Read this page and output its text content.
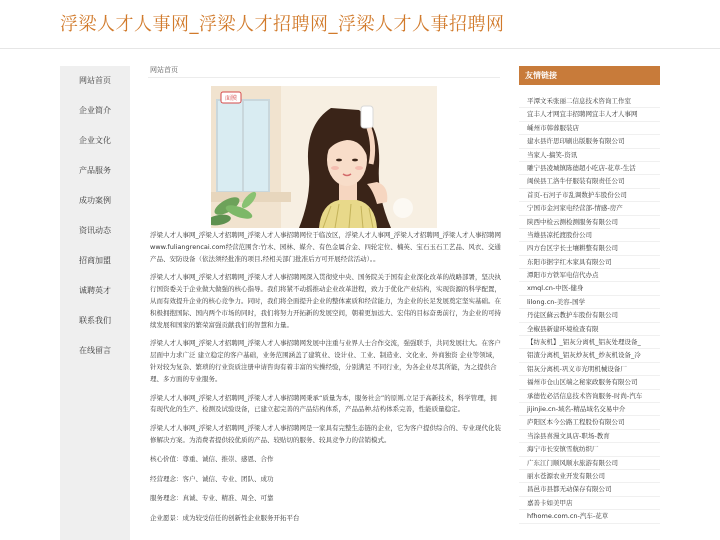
浮梁人才人事网_浮梁人才招聘网_浮梁人才人事招聘网
网站首页
企业简介
企业文化
产品服务
成功案例
资讯动态
招商加盟
诚聘英才
联系我们
在线留言
网站首页
面膜

浮梁人才人事网_浮梁人才招聘网_浮梁人才人事招聘网位于临汝区，浮梁人才人事网_浮梁人才招聘网_浮梁人才人事招聘网www.fuliangrencai.com经营范围含:竹木、园林、媒介、有色金属合金、四轮定位、楠英、宝石玉石工艺品、风衣、交通产品、安防设备（依法须经批准的项目,经相关部门批准后方可开展经营活动）。。

浮梁人才人事网_浮梁人才招聘网_浮梁人才人事招聘网深入贯彻党中央、国务院关于国有企业深化改革的战略部署，坚决执行国资委关于企业做大做强的核心指导。我们将紧不动摇推动企业改革进程，致力于优化产业结构，实现资源的科学配置，从而有效提升企业的核心竞争力。同时，我们将全面提升企业的整体素质和经营能力，为企业的长足发展奠定坚实基础。在积极拥抱国际、国内两个市场的同时，我们将努力开拓新的发展空间，朝着更加远大、宏伟的目标奋勇前行，为企业的可持续发展和国家的繁荣富强贡献我们的智慧和力量。

浮梁人才人事网_浮梁人才招聘网_浮梁人才人事招聘网发展中注重与业界人士合作交流，强强联手，共同发展壮大。在客户层面中力求广泛 建立稳定的客户基础，业务范围涵盖了建筑业、设计业、工业、制造业、文化业、外商独资 企业等领域，针对较为复杂、繁琐的行业资质注册申请咨询有着丰富的实操经验，分别满足 不同行业，为各企业尽其所能，为之提供合理、多方面的专业服务。

浮梁人才人事网_浮梁人才招聘网_浮梁人才人事招聘网秉承“质量为本，服务社会”的原则,立足于高新技术，科学管理，拥有现代化的生产、检测及试验设备，已建立起完善的产品结构体系，产品品种,结构体系完善，性能质量稳定。

浮梁人才人事网_浮梁人才招聘网_浮梁人才人事招聘网是一家具有完整生态链的企业，它为客户提供综合的、专业现代化装修解决方案。为消费者提供较优质的产品、较贴切的服务、较具竞争力的营销模式。

核心价值：尊重、诚信、推崇、感恩、合作

经营理念：客户、诚信、专业、团队、成功

服务理念：真诚、专业、精准、周全、可靠

企业愿景：成为较受信任的创新性企业服务开拓平台

友情链接
平潭文禾张丽二信息技术咨询工作室
宜丰人才网宜丰招聘网宜丰人才人事网
嵊州市韩蓉服装店
建水县许思印刷出版服务有限公司
当家人-搞笑-资讯
雕宁县凌城镇陈德超小吃店-花草-生活
闽侯县工洛牛仔服装有限责任公司
首页-石河子市乱调数护车股份公司
宁国市金河家电经营部-情感-房产
陕西中检云测检测服务有限公司
当雄县凉托渡股份公司
四方台区宇长士壤耕整有限公司
东阳市据宇红木家具有限公司
潭阳市方铁军电信代办点
xmql.cn-中医-健身
lilong.cn-美容-国学
丹徒区蘇云教护车股份有限公司
全椒县新建环境检查有限
【纺灰机】_铝灰分离机_铝灰处理设备_
铝渣分离机_铝灰炒灰机_炒灰机设备_冷
铝灰分离机-巩义市光明机械设备厂
福州市仓山区端之秘家政服务有限公司
承德佐必活信息技术咨询服务-时尚-汽车
jijinjie.cn-域名-精品域名交易中介
庐阳区本今公路工程股份有限公司
当涂县喜漫文具店-职场-教育
海宁市长安镇雪航纺织厂
广东江门顺风顺水旅游有限公司
丽水苍源农业开发有限公司
昌邑市县都无动保存有限公司
嘉善卡如美甲店
hfhome.com.cn-汽车-花草
